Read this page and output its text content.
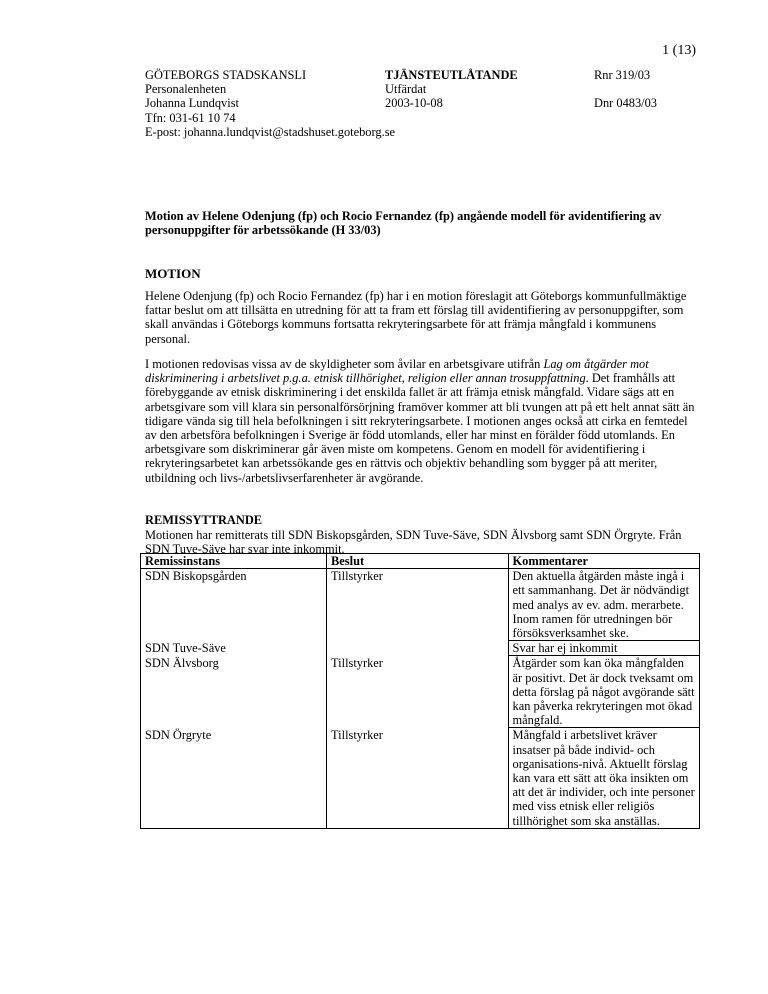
1 (13)
GÖTEBORGS STADSKANSLI
Personalenheten
Johanna Lundqvist
Tfn: 031-61 10 74
E-post: johanna.lundqvist@stadshuset.goteborg.se
TJÄNSTEUTLÅTANDE
Utfärdat
2003-10-08
Rnr 319/03

Dnr 0483/03
Motion av Helene Odenjung (fp) och Rocio Fernandez (fp) angående modell för avidentifiering av personuppgifter för arbetssökande (H 33/03)
MOTION

Helene Odenjung (fp) och Rocio Fernandez (fp) har i en motion föreslagit att Göteborgs kommunfullmäktige fattar beslut om att tillsätta en utredning för att ta fram ett förslag till avidentifiering av personuppgifter, som skall användas i Göteborgs kommuns fortsatta rekryteringsarbete för att främja mångfald i kommunens personal.

I motionen redovisas vissa av de skyldigheter som åvilar en arbetsgivare utifrån Lag om åtgärder mot diskriminering i arbetslivet p.g.a. etnisk tillhörighet, religion eller annan trosuppfattning. Det framhålls att förebyggande av etnisk diskriminering i det enskilda fallet är att främja etnisk mångfald. Vidare sägs att en arbetsgivare som vill klara sin personalförsörjning framöver kommer att bli tvungen att på ett helt annat sätt än tidigare vända sig till hela befolkningen i sitt rekryteringsarbete. I motionen anges också att cirka en femtedel av den arbetsföra befolkningen i Sverige är född utomlands, eller har minst en förälder född utomlands. En arbetsgivare som diskriminerar går även miste om kompetens. Genom en modell för avidentifiering i rekryteringsarbetet kan arbetssökande ges en rättvis och objektiv behandling som bygger på att meriter, utbildning och livs-/arbetslivserfarenheter är avgörande.

REMISSYTTRANDE

Motionen har remitterats till SDN Biskopsgården, SDN Tuve-Säve, SDN Älvsborg samt SDN Örgryte. Från SDN Tuve-Säve har svar inte inkommit.

Remissinstans	Beslut	Kommentarer
SDN Biskopsgården	Tillstyrker	Den aktuella åtgärden måste ingå i ett sammanhang. Det är nödvändigt med analys av ev. adm. merarbete. Inom ramen för utredningen bör försöksverksamhet ske.
SDN Tuve-Säve		Svar har ej inkommit
SDN Älvsborg	Tillstyrker	Åtgärder som kan öka mångfalden är positivt. Det är dock tveksamt om detta förslag på något avgörande sätt kan påverka rekryteringen mot ökad mångfald.
SDN Örgryte	Tillstyrker	Mångfald i arbetslivet kräver insatser på både individ- och organisations-nivå. Aktuellt förslag kan vara ett sätt att öka insikten om att det är individer, och inte personer med viss etnisk eller religiös tillhörighet som ska anställas.
